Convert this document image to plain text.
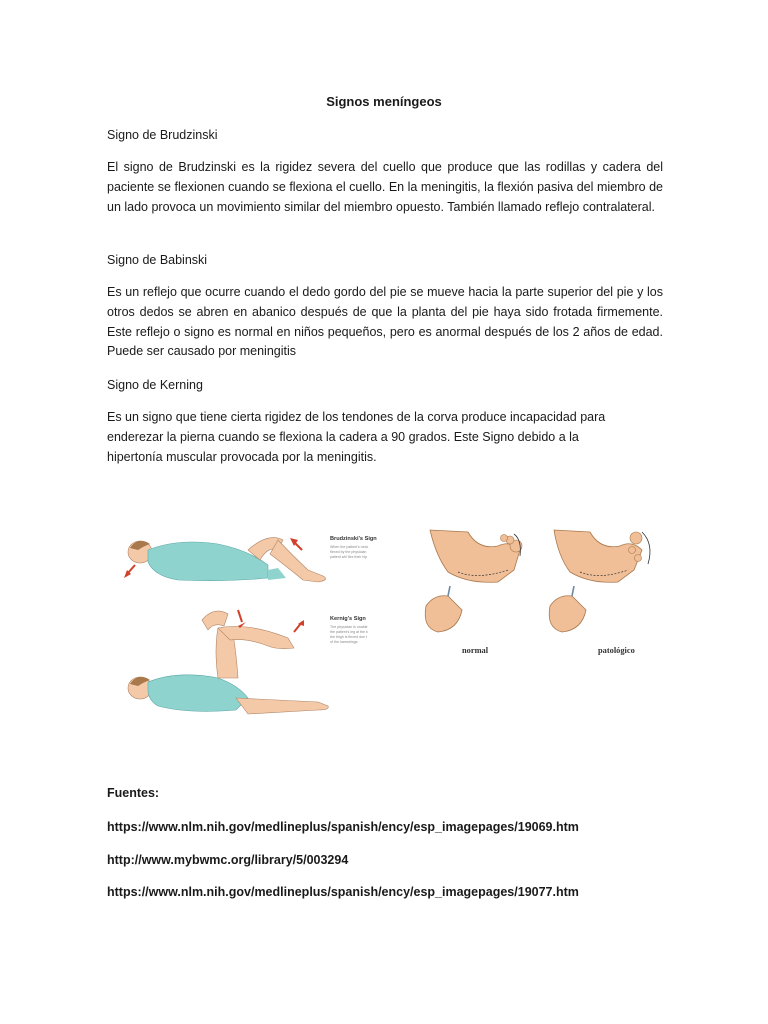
Signos meníngeos
Signo de Brudzinski

El signo de Brudzinski es la rigidez severa del cuello que produce que las rodillas y cadera del paciente se flexionen cuando se flexiona el cuello. En la meningitis, la flexión pasiva del miembro de un lado provoca un movimiento similar del miembro opuesto. También llamado reflejo contralateral.

Signo de Babinski

Es un reflejo que ocurre cuando el dedo gordo del pie se mueve hacia la parte superior del pie y los otros dedos se abren en abanico después de que la planta del pie haya sido frotada firmemente. Este reflejo o signo es normal en niños pequeños, pero es anormal después de los 2 años de edad. Puede ser causado por meningitis

Signo de Kerning

Es un signo que tiene cierta rigidez de los tendones de la corva produce incapacidad para enderezar la pierna cuando se flexiona la cadera a 90 grados. Este Signo debido a la hipertonía muscular provocada por la meningitis.

Brudzinski's Sign
When the patient's neck
flexed by the physician
patient will flex their hip
Kernig's Sign
The physician is unable
the patient's leg at the k
the thigh is flexed due t
of the hamstrings
normal	patológico
Fuentes:
https://www.nlm.nih.gov/medlineplus/spanish/ency/esp_imagepages/19069.htm
http://www.mybwmc.org/library/5/003294
https://www.nlm.nih.gov/medlineplus/spanish/ency/esp_imagepages/19077.htm
